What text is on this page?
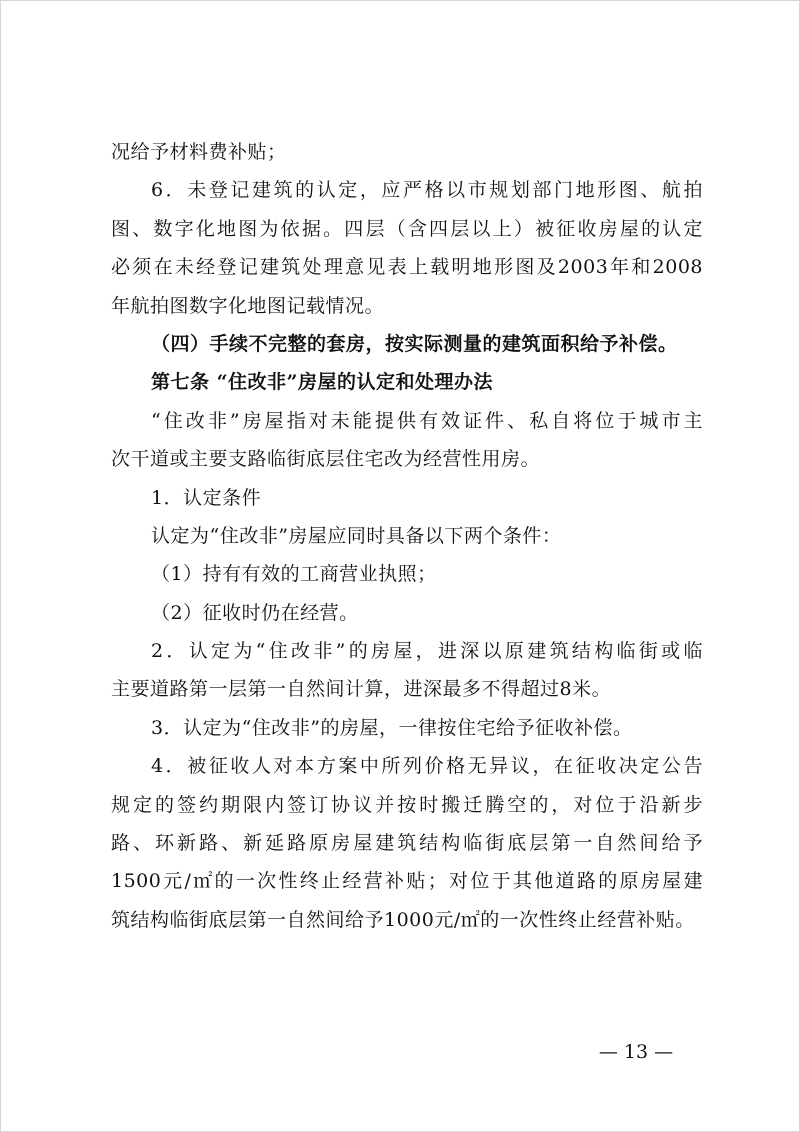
况给予材料费补贴；
6．未登记建筑的认定，应严格以市规划部门地形图、航拍
图、数字化地图为依据。四层（含四层以上）被征收房屋的认定
必须在未经登记建筑处理意见表上载明地形图及2003年和2008
年航拍图数字化地图记载情况。
（四）手续不完整的套房，按实际测量的建筑面积给予补偿。
第七条 “住改非”房屋的认定和处理办法
“住改非”房屋指对未能提供有效证件、私自将位于城市主
次干道或主要支路临街底层住宅改为经营性用房。
1．认定条件
认定为“住改非”房屋应同时具备以下两个条件：
（1）持有有效的工商营业执照；
（2）征收时仍在经营。
2．认定为“住改非”的房屋，进深以原建筑结构临街或临
主要道路第一层第一自然间计算，进深最多不得超过8米。
3．认定为“住改非”的房屋，一律按住宅给予征收补偿。
4．被征收人对本方案中所列价格无异议，在征收决定公告
规定的签约期限内签订协议并按时搬迁腾空的，对位于沿新步
路、环新路、新延路原房屋建筑结构临街底层第一自然间给予
1500元/㎡的一次性终止经营补贴；对位于其他道路的原房屋建
筑结构临街底层第一自然间给予1000元/㎡的一次性终止经营补贴。
— 13 —
